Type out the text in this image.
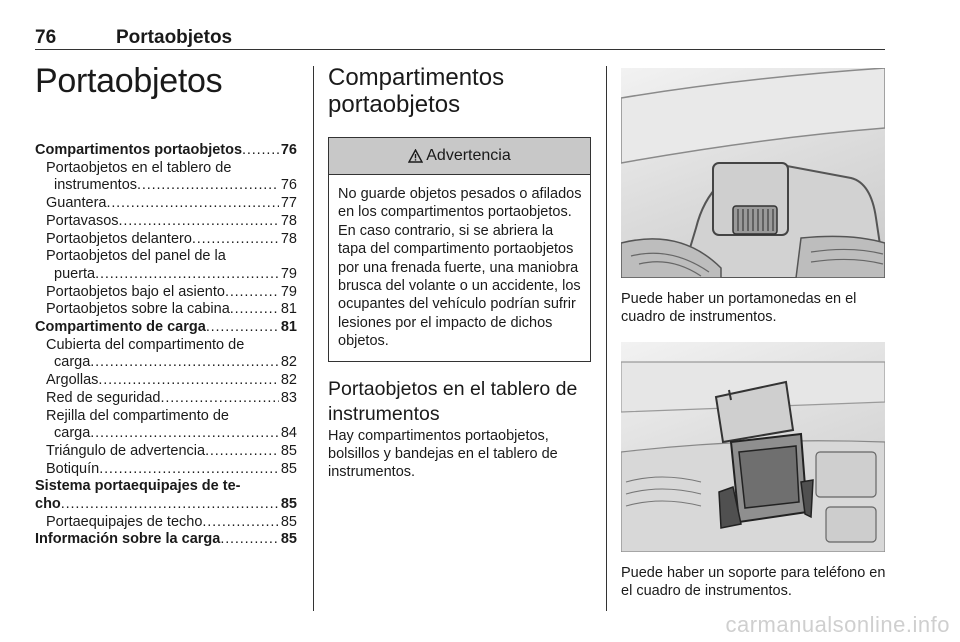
76	Portaobjetos
Portaobjetos
Compartimentos portaobjetos . . .	76
Portaobjetos en el tablero de
instrumentos . . .	76
Guantera . . .	77
Portavasos . . .	78
Portaobjetos delantero . . .	78
Portaobjetos del panel de la
puerta . . .	79
Portaobjetos bajo el asiento . . .	79
Portaobjetos sobre la cabina . . .	81
Compartimento de carga . . .	81
Cubierta del compartimento de
carga . . .	82
Argollas . . .	82
Red de seguridad . . .	83
Rejilla del compartimento de
carga . . .	84
Triángulo de advertencia . . .	85
Botiquín . . .	85
Sistema portaequipajes de te-
cho . . .	85
Portaequipajes de techo . . .	85
Información sobre la carga . . .	85
Compartimentos
portaobjetos
Advertencia
No guarde objetos pesados o afilados en los compartimentos portaobjetos. En caso contrario, si se abriera la tapa del compartimento portaobjetos por una frenada fuerte, una maniobra brusca del volante o un accidente, los ocupantes del vehículo podrían sufrir lesiones por el impacto de dichos objetos.
Portaobjetos en el tablero de instrumentos

Hay compartimentos portaobjetos, bolsillos y bandejas en el tablero de instrumentos.

Puede haber un portamonedas en el cuadro de instrumentos.
Puede haber un soporte para teléfono en el cuadro de instrumentos.
carmanualsonline.info
